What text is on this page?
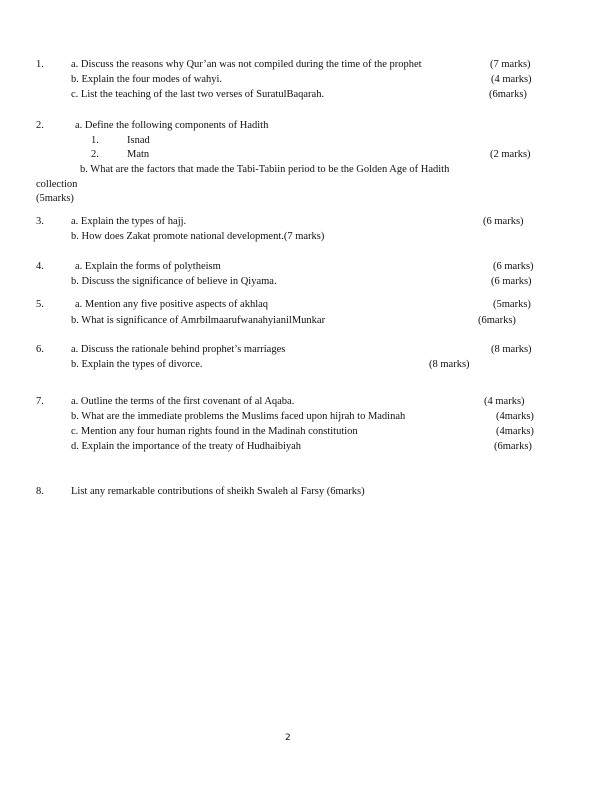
1.	a. Discuss the reasons why Qur’an was not compiled during the time of the prophet	(7 marks)
b. Explain the four modes of wahyi.	(4 marks)
c. List the teaching of the last two verses of SuratulBaqarah.	(6marks)
2.	a. Define the following components of Hadith
1.	Isnad
2.	Matn	(2 marks)
b. What are the factors that made the Tabi-Tabiin period to be the Golden Age of Hadith
collection
(5marks)
3.	a. Explain the types of hajj.	(6 marks)
b. How does Zakat promote national development.(7 marks)
4.	a. Explain the forms of polytheism	(6 marks)
b. Discuss the significance of believe in Qiyama.	(6 marks)
5.	a. Mention any five positive aspects of akhlaq	(5marks)
b. What is significance of AmrbilmaarufwanahyianilMunkar	(6marks)
6.	a. Discuss the rationale behind prophet’s marriages	(8 marks)
b. Explain the types of divorce.	(8 marks)
7.	a. Outline the terms of the first covenant of al Aqaba.	(4 marks)
b. What are the immediate problems the Muslims faced upon hijrah to Madinah	(4marks)
c. Mention any four human rights found in the Madinah constitution	(4marks)
d. Explain the importance of the treaty of Hudhaibiyah	(6marks)
8.	List any remarkable contributions of sheikh Swaleh al Farsy (6marks)
2
